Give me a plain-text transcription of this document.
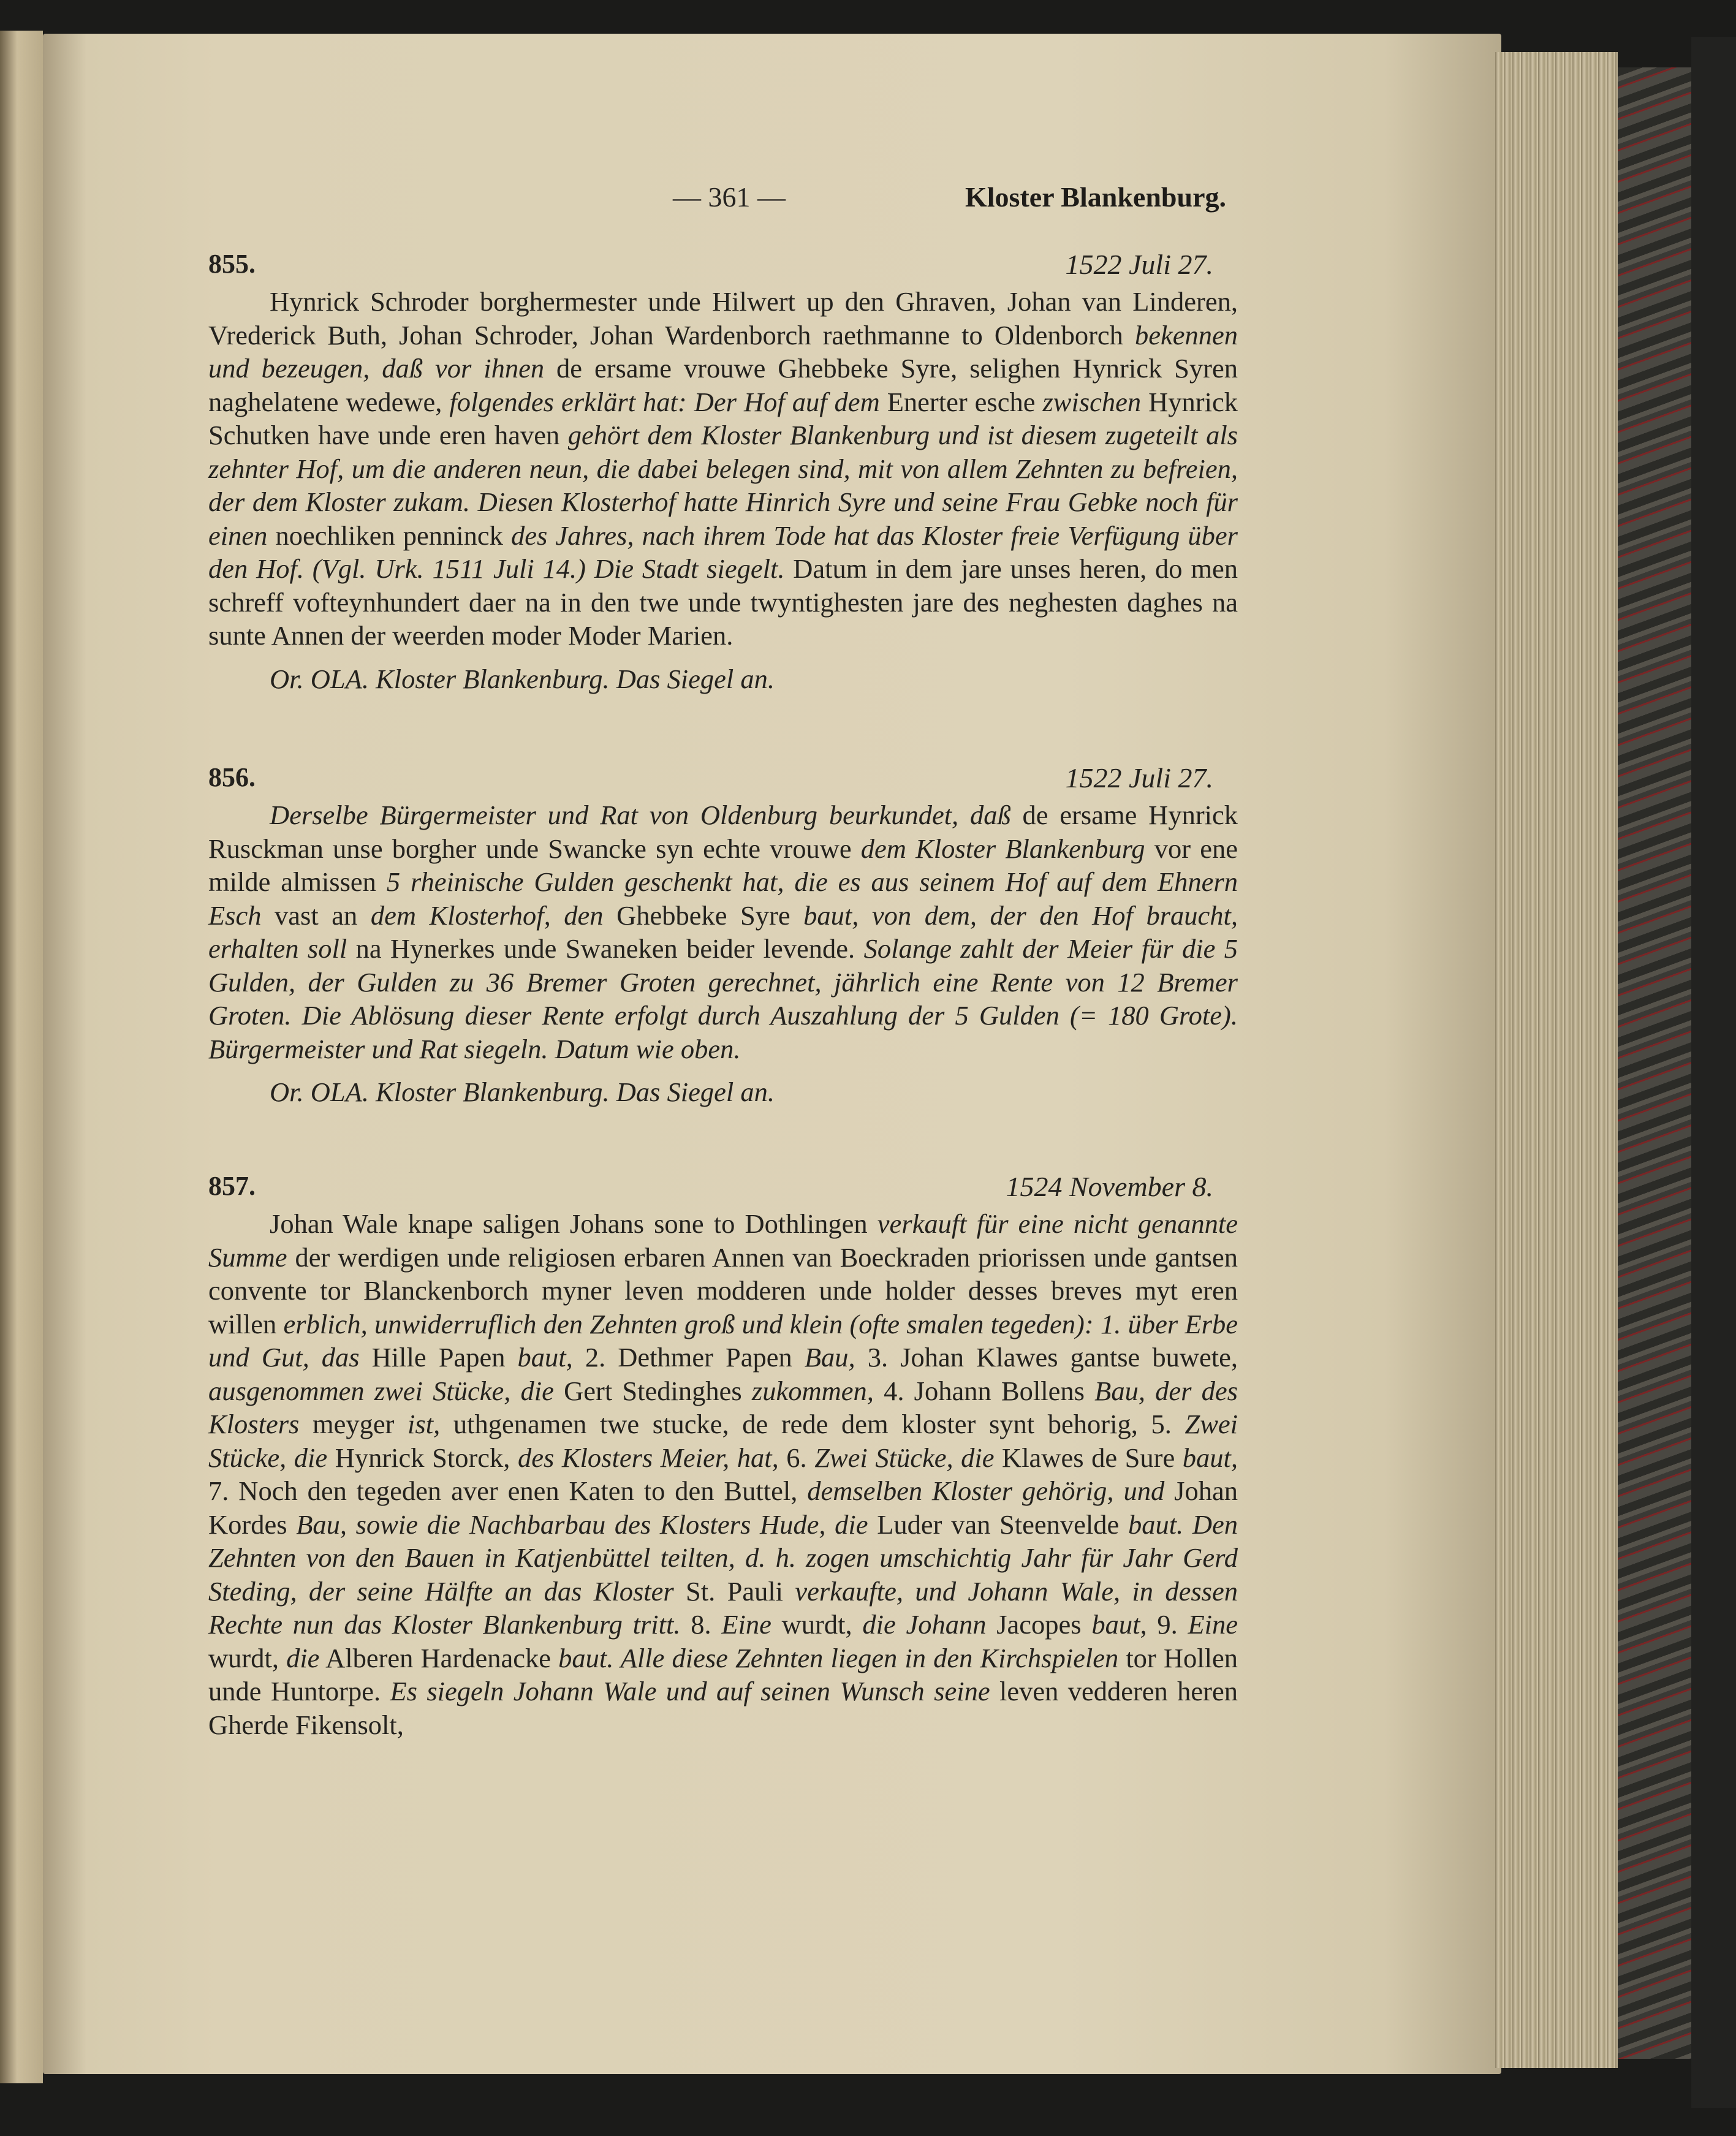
— 361 —	Kloster Blankenburg.
855.	1522 Juli 27.

Hynrick Schroder borghermester unde Hilwert up den Ghraven, Johan van Linderen, Vrederick Buth, Johan Schroder, Johan Wardenborch raethmanne to Oldenborch bekennen und bezeugen, daß vor ihnen de ersame vrouwe Ghebbeke Syre, selighen Hynrick Syren naghelatene wedewe, folgendes erklärt hat: Der Hof auf dem Enerter esche zwischen Hynrick Schutken have unde eren haven gehört dem Kloster Blankenburg und ist diesem zugeteilt als zehnter Hof, um die anderen neun, die dabei belegen sind, mit von allem Zehnten zu befreien, der dem Kloster zukam. Diesen Klosterhof hatte Hinrich Syre und seine Frau Gebke noch für einen noechliken penninck des Jahres, nach ihrem Tode hat das Kloster freie Verfügung über den Hof. (Vgl. Urk. 1511 Juli 14.) Die Stadt siegelt. Datum in dem jare unses heren, do men schreff vofteynhundert daer na in den twe unde twyntighesten jare des neghesten daghes na sunte Annen der weerden moder Moder Marien.

Or. OLA. Kloster Blankenburg. Das Siegel an.
856.	1522 Juli 27.

Derselbe Bürgermeister und Rat von Oldenburg beurkundet, daß de ersame Hynrick Rusckman unse borgher unde Swancke syn echte vrouwe dem Kloster Blankenburg vor ene milde almissen 5 rheinische Gulden geschenkt hat, die es aus seinem Hof auf dem Ehnern Esch vast an dem Klosterhof, den Ghebbeke Syre baut, von dem, der den Hof braucht, erhalten soll na Hynerkes unde Swaneken beider levende. Solange zahlt der Meier für die 5 Gulden, der Gulden zu 36 Bremer Groten gerechnet, jährlich eine Rente von 12 Bremer Groten. Die Ablösung dieser Rente erfolgt durch Auszahlung der 5 Gulden (= 180 Grote). Bürgermeister und Rat siegeln. Datum wie oben.

Or. OLA. Kloster Blankenburg. Das Siegel an.
857.	1524 November 8.

Johan Wale knape saligen Johans sone to Dothlingen verkauft für eine nicht genannte Summe der werdigen unde religiosen erbaren Annen van Boeckraden priorissen unde gantsen convente tor Blanckenborch myner leven modderen unde holder desses breves myt eren willen erblich, unwiderruflich den Zehnten groß und klein (ofte smalen tegeden): 1. über Erbe und Gut, das Hille Papen baut, 2. Dethmer Papen Bau, 3. Johan Klawes gantse buwete, ausgenommen zwei Stücke, die Gert Stedinghes zukommen, 4. Johann Bollens Bau, der des Klosters meyger ist, uthgenamen twe stucke, de rede dem kloster synt behorig, 5. Zwei Stücke, die Hynrick Storck, des Klosters Meier, hat, 6. Zwei Stücke, die Klawes de Sure baut, 7. Noch den tegeden aver enen Katen to den Buttel, demselben Kloster gehörig, und Johan Kordes Bau, sowie die Nachbarbau des Klosters Hude, die Luder van Steenvelde baut. Den Zehnten von den Bauen in Katjenbüttel teilten, d. h. zogen umschichtig Jahr für Jahr Gerd Steding, der seine Hälfte an das Kloster St. Pauli verkaufte, und Johann Wale, in dessen Rechte nun das Kloster Blankenburg tritt. 8. Eine wurdt, die Johann Jacopes baut, 9. Eine wurdt, die Alberen Hardenacke baut. Alle diese Zehnten liegen in den Kirchspielen tor Hollen unde Huntorpe. Es siegeln Johann Wale und auf seinen Wunsch seine leven vedderen heren Gherde Fikensolt,
